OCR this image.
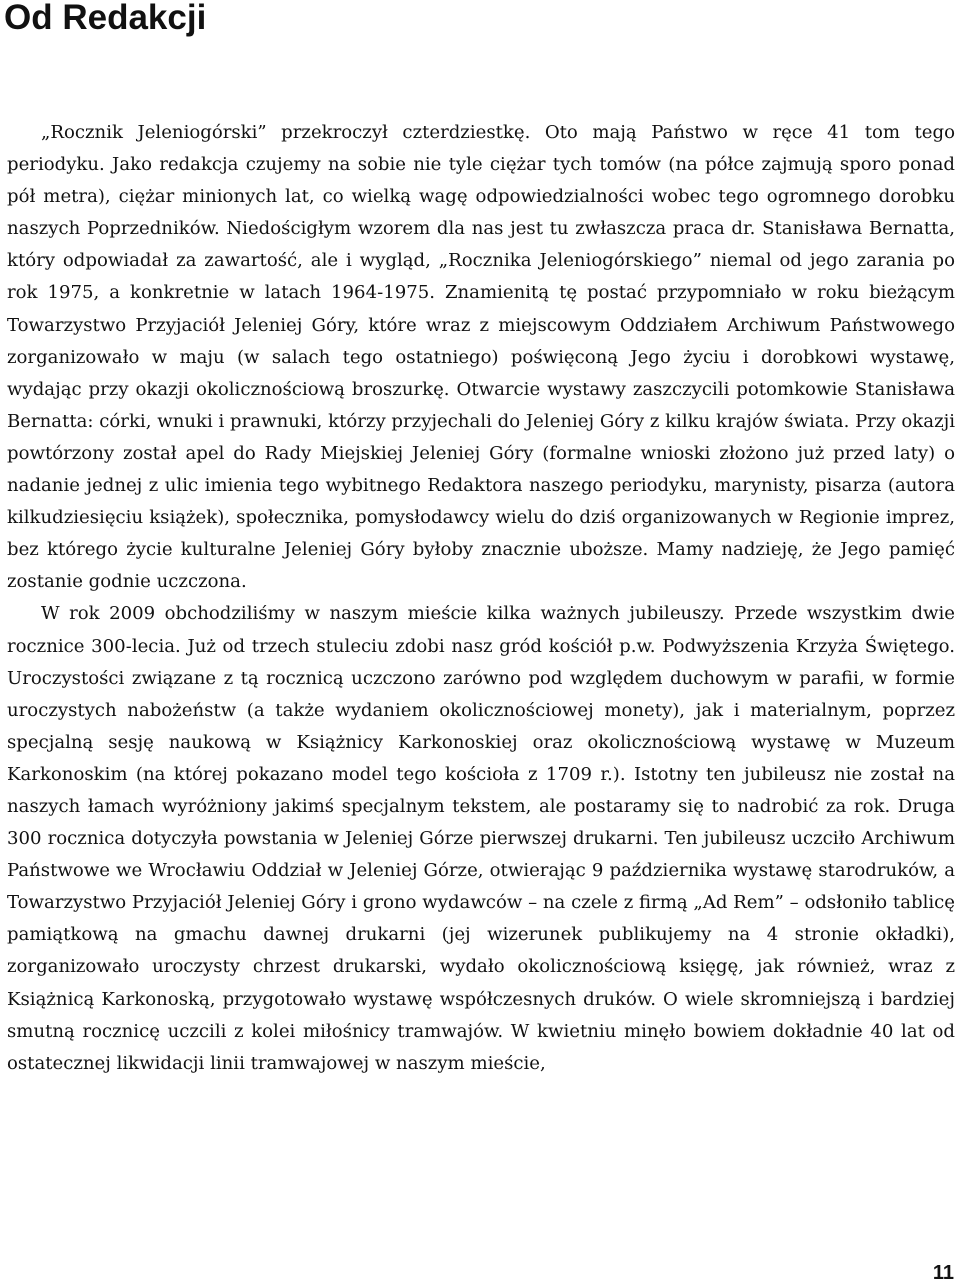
Od Redakcji

„Rocznik Jeleniogórski” przekroczył czterdziestkę. Oto mają Państwo w ręce 41 tom tego periodyku. Jako redakcja czujemy na sobie nie tyle ciężar tych tomów (na półce zajmują sporo ponad pół metra), ciężar minionych lat, co wielką wagę odpowiedzialności wobec tego ogromnego dorobku naszych Poprzedników. Niedościgłym wzorem dla nas jest tu zwłaszcza praca dr. Stanisława Bernatta, który odpowiadał za zawartość, ale i wygląd, „Rocznika Jeleniogórskiego” niemal od jego zarania po rok 1975, a konkretnie w latach 1964-1975. Znamienitą tę postać przypomniało w roku bieżącym Towarzystwo Przyjaciół Jeleniej Góry, które wraz z miejscowym Oddziałem Archiwum Państwowego zorganizowało w maju (w salach tego ostatniego) poświęconą Jego życiu i dorobkowi wystawę, wydając przy okazji okolicznościową broszurkę. Otwarcie wystawy zaszczycili potomkowie Stanisława Bernatta: córki, wnuki i prawnuki, którzy przyjechali do Jeleniej Góry z kilku krajów świata. Przy okazji powtórzony został apel do Rady Miejskiej Jeleniej Góry (formalne wnioski złożono już przed laty) o nadanie jednej z ulic imienia tego wybitnego Redaktora naszego periodyku, marynisty, pisarza (autora kilkudziesięciu książek), społecznika, pomysłodawcy wielu do dziś organizowanych w Regionie imprez, bez którego życie kulturalne Jeleniej Góry byłoby znacznie uboższe. Mamy nadzieję, że Jego pamięć zostanie godnie uczczona.

W rok 2009 obchodziliśmy w naszym mieście kilka ważnych jubileuszy. Przede wszystkim dwie rocznice 300-lecia. Już od trzech stuleciu zdobi nasz gród kościół p.w. Podwyższenia Krzyża Świętego. Uroczystości związane z tą rocznicą uczczono zarówno pod względem duchowym w parafii, w formie uroczystych nabożeństw (a także wydaniem okolicznościowej monety), jak i materialnym, poprzez specjalną sesję naukową w Książnicy Karkonoskiej oraz okolicznościową wystawę w Muzeum Karkonoskim (na której pokazano model tego kościoła z 1709 r.). Istotny ten jubileusz nie został na naszych łamach wyróżniony jakimś specjalnym tekstem, ale postaramy się to nadrobić za rok. Druga 300 rocznica dotyczyła powstania w Jeleniej Górze pierwszej drukarni. Ten jubileusz uczciło Archiwum Państwowe we Wrocławiu Oddział w Jeleniej Górze, otwierając 9 października wystawę starodruków, a Towarzystwo Przyjaciół Jeleniej Góry i grono wydawców – na czele z firmą „Ad Rem” – odsłoniło tablicę pamiątkową na gmachu dawnej drukarni (jej wizerunek publikujemy na 4 stronie okładki), zorganizowało uroczysty chrzest drukarski, wydało okolicznościową księgę, jak również, wraz z Książnicą Karkonoską, przygotowało wystawę współczesnych druków. O wiele skromniejszą i bardziej smutną rocznicę uczcili z kolei miłośnicy tramwajów. W kwietniu minęło bowiem dokładnie 40 lat od ostatecznej likwidacji linii tramwajowej w naszym mieście,

11
